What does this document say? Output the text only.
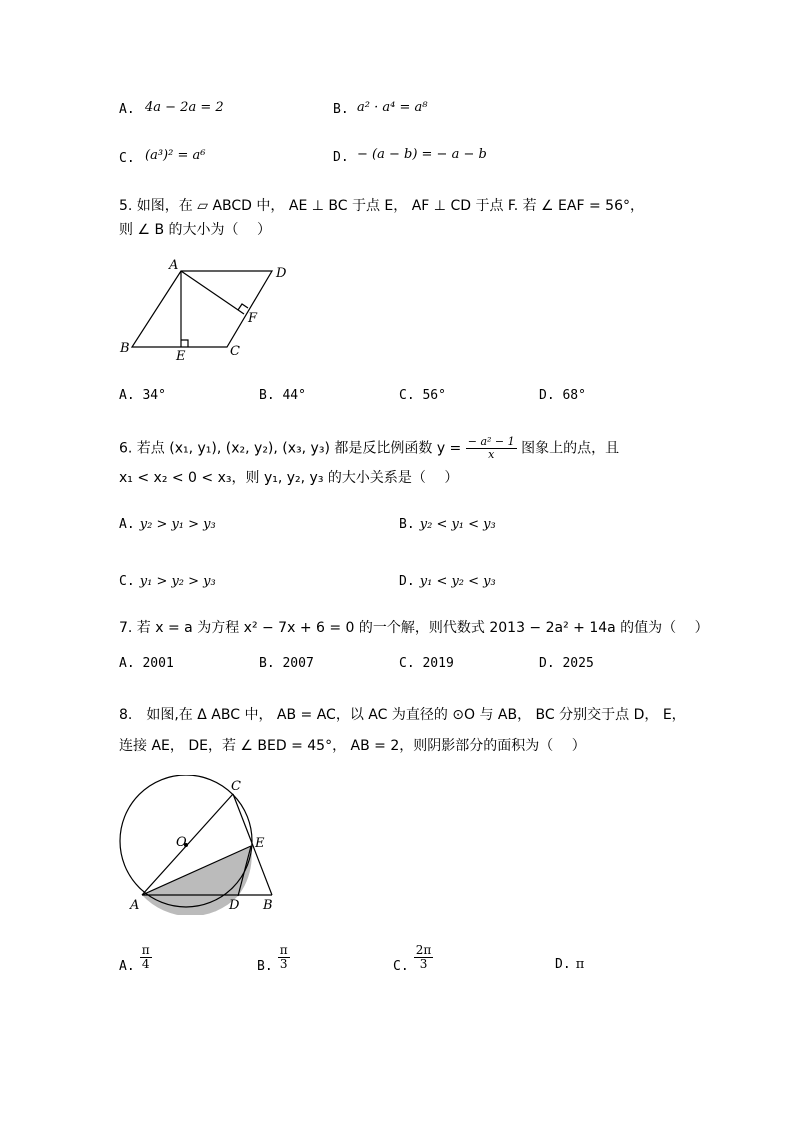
A. 4a − 2a = 2	B. a² · a⁴ = a⁸
C. (a³)² = a⁶	D. − (a − b) = − a − b
5. 如图，在 ▱ ABCD 中， AE ⊥ BC 于点 E， AF ⊥ CD 于点 F. 若 ∠ EAF = 56°，
则 ∠ B 的大小为（　 ）
A
D
F
B
E	C
A. 34°	B. 44°	C. 56°	D. 68°
6. 若点 (x₁, y₁), (x₂, y₂), (x₃, y₃) 都是反比例函数 $y = \frac{\text{− a² − 1}}{x}$ 图象上的点，且
x₁ < x₂ < 0 < x₃，则 y₁, y₂, y₃ 的大小关系是（　 ）
A. y₂ > y₁ > y₃	B. y₂ < y₁ < y₃
C. y₁ > y₂ > y₃	D. y₁ < y₂ < y₃
7. 若 x = a 为方程 x² − 7x + 6 = 0 的一个解，则代数式 2013 − 2a² + 14a 的值为（　 ）
A. 2001	B. 2007	C. 2019	D. 2025
8.　如图,在 Δ ABC 中， AB = AC，以 AC 为直径的 ⊙O 与 AB， BC 分别交于点 D， E，
连接 AE， DE，若 ∠ BED = 45°， AB = 2，则阴影部分的面积为（　 ）
C
O	E
A	D B
$_{A.} \frac{\pi}{4}$	$_{B.} \frac{\pi}{3}$	$_{C.} \frac{2\pi}{3}$	D. π
